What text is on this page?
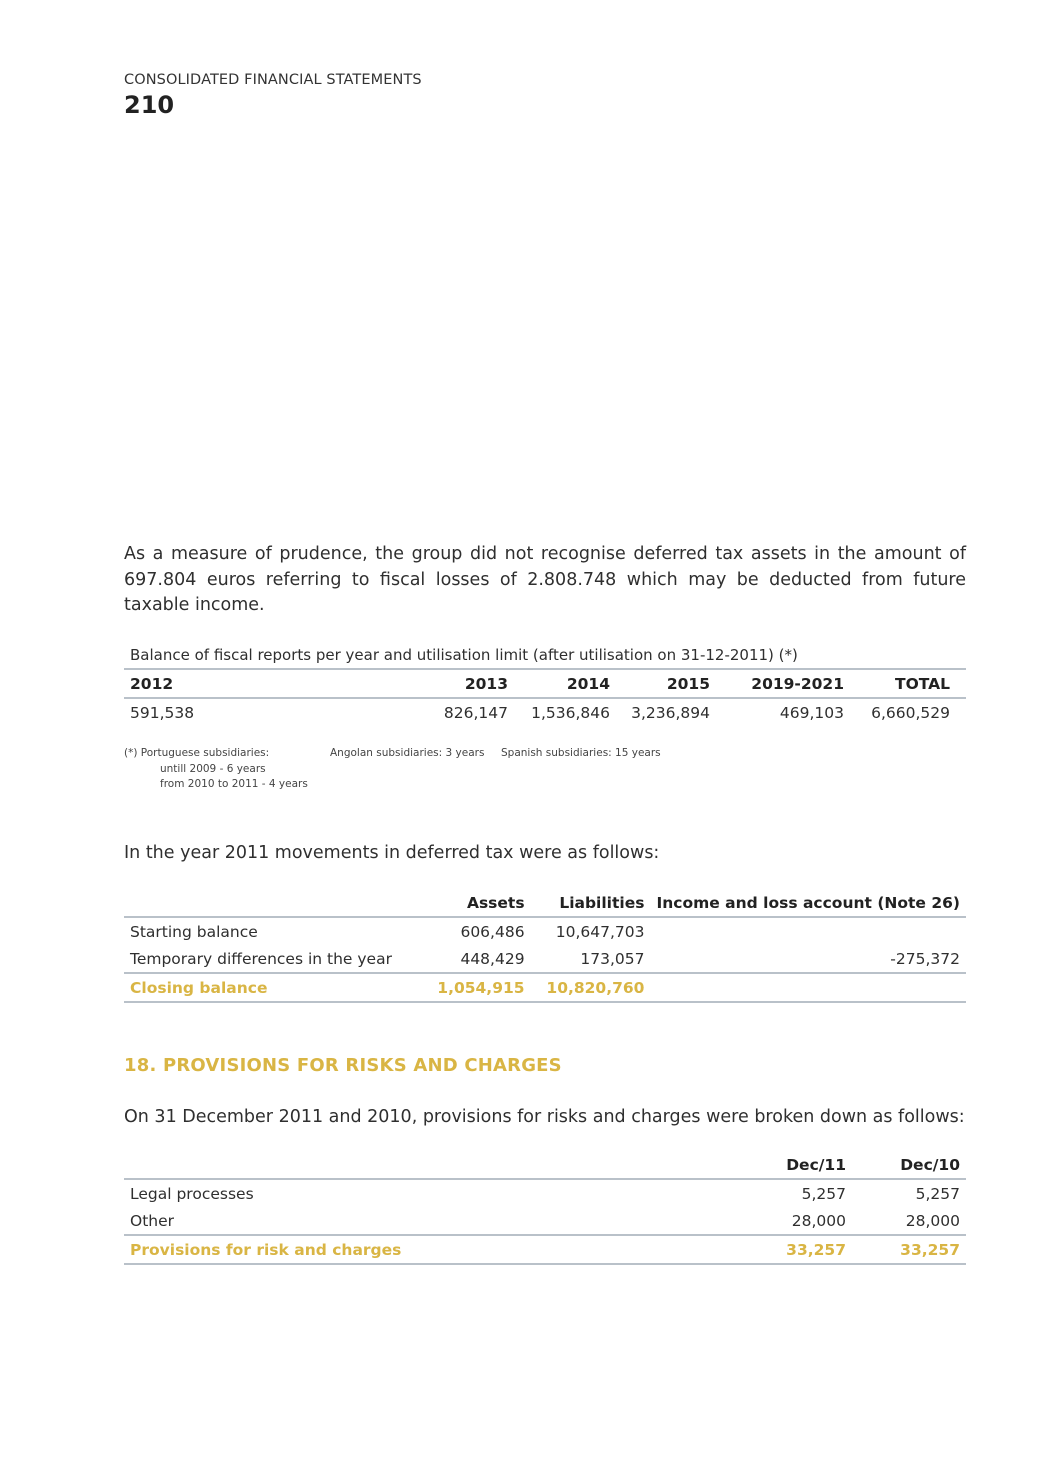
CONSOLIDATED FINANCIAL STATEMENTS
210
As a measure of prudence, the group did not recognise deferred tax assets in the amount of 697.804 euros referring to fiscal losses of 2.808.748 which may be deducted from future taxable income.
Balance of fiscal reports per year and utilisation limit (after utilisation on 31-12-2011) (*)
2012	2013	2014	2015	2019-2021	TOTAL
591,538	826,147	1,536,846	3,236,894	469,103	6,660,529
(*) Portuguese subsidiaries:
untill 2009 - 6 years
from 2010 to 2011 - 4 years
Angolan subsidiaries: 3 years Spanish subsidiaries: 15 years
In the year 2011 movements in deferred tax were as follows:
	Assets	Liabilities	Income and loss account (Note 26)
Starting balance	606,486	10,647,703	
Temporary differences in the year	448,429	173,057	-275,372
Closing balance	1,054,915	10,820,760	
18. PROVISIONS FOR RISKS AND CHARGES
On 31 December 2011 and 2010, provisions for risks and charges were broken down as follows:
	Dec/11	Dec/10
Legal processes	5,257	5,257
Other	28,000	28,000
Provisions for risk and charges	33,257	33,257
